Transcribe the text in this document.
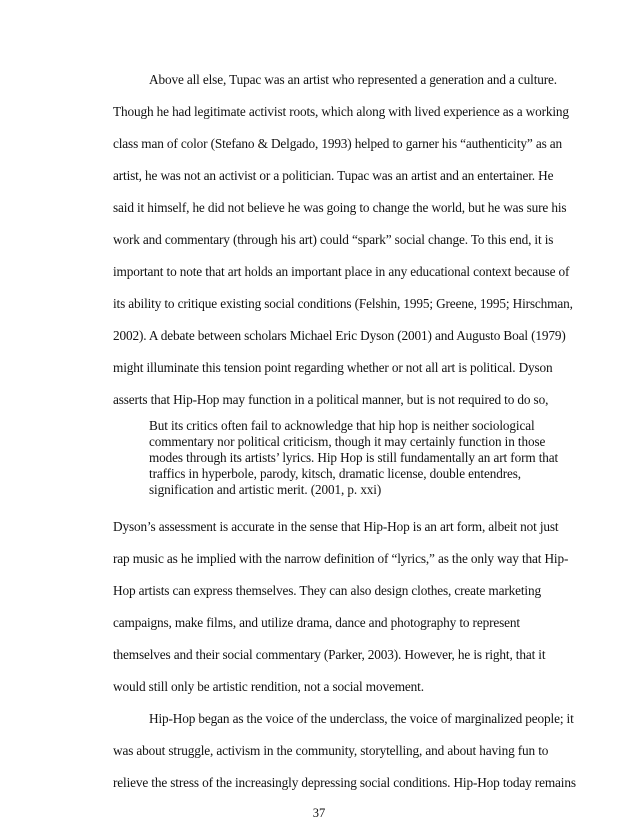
Above all else, Tupac was an artist who represented a generation and a culture.
Though he had legitimate activist roots, which along with lived experience as a working
class man of color (Stefano & Delgado, 1993) helped to garner his “authenticity” as an
artist, he was not an activist or a politician. Tupac was an artist and an entertainer. He
said it himself, he did not believe he was going to change the world, but he was sure his
work and commentary (through his art) could “spark” social change. To this end, it is
important to note that art holds an important place in any educational context because of
its ability to critique existing social conditions (Felshin, 1995; Greene, 1995; Hirschman,
2002). A debate between scholars Michael Eric Dyson (2001) and Augusto Boal (1979)
might illuminate this tension point regarding whether or not all art is political. Dyson
asserts that Hip-Hop may function in a political manner, but is not required to do so,
But its critics often fail to acknowledge that hip hop is neither sociological
commentary nor political criticism, though it may certainly function in those
modes through its artists’ lyrics. Hip Hop is still fundamentally an art form that
traffics in hyperbole, parody, kitsch, dramatic license, double entendres,
signification and artistic merit. (2001, p. xxi)
Dyson’s assessment is accurate in the sense that Hip-Hop is an art form, albeit not just
rap music as he implied with the narrow definition of “lyrics,” as the only way that Hip-
Hop artists can express themselves. They can also design clothes, create marketing
campaigns, make films, and utilize drama, dance and photography to represent
themselves and their social commentary (Parker, 2003). However, he is right, that it
would still only be artistic rendition, not a social movement.
Hip-Hop began as the voice of the underclass, the voice of marginalized people; it
was about struggle, activism in the community, storytelling, and about having fun to
relieve the stress of the increasingly depressing social conditions. Hip-Hop today remains
37
